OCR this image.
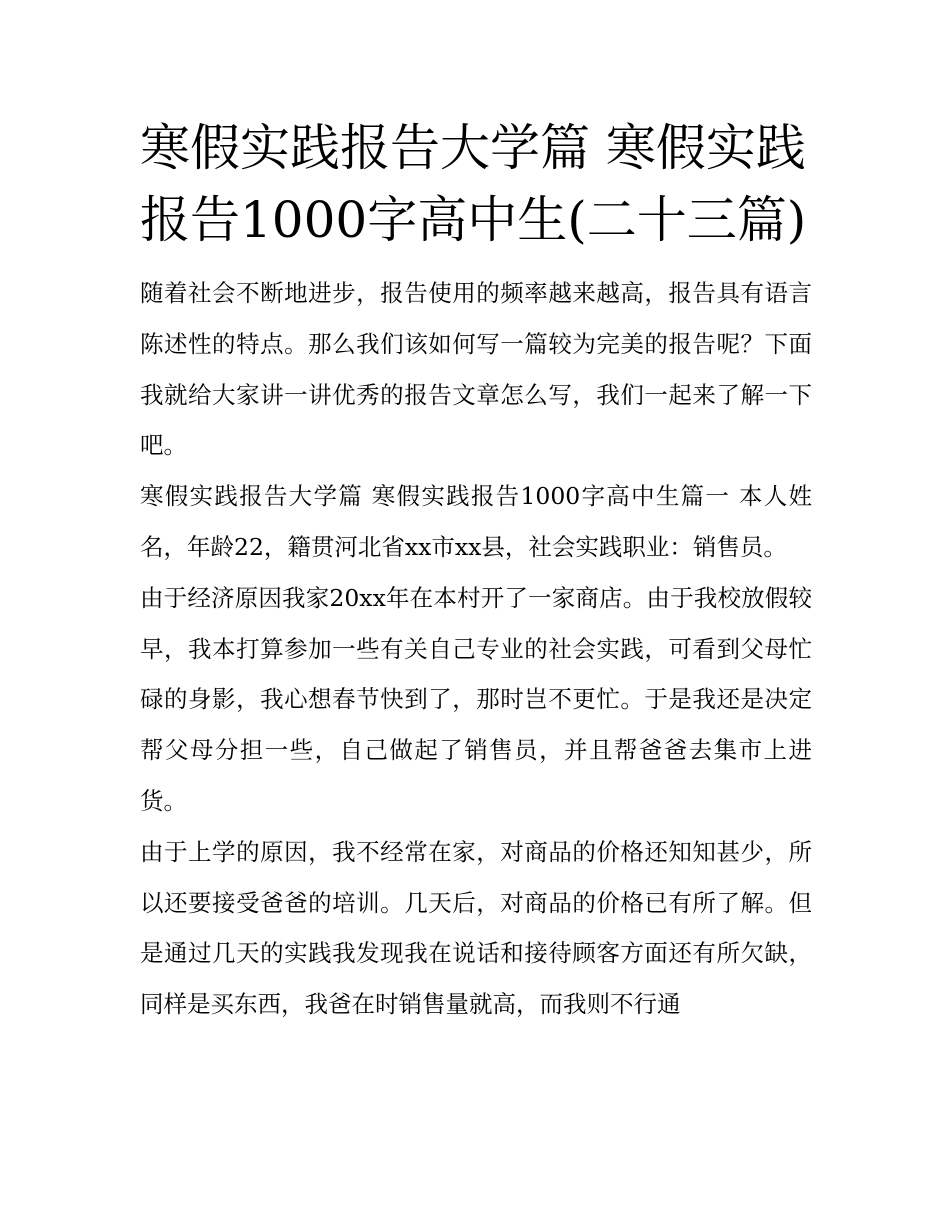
寒假实践报告大学篇 寒假实践报告1000字高中生(二十三篇)

随着社会不断地进步，报告使用的频率越来越高，报告具有语言陈述性的特点。那么我们该如何写一篇较为完美的报告呢？下面我就给大家讲一讲优秀的报告文章怎么写，我们一起来了解一下吧。

寒假实践报告大学篇 寒假实践报告1000字高中生篇一 本人姓名，年龄22，籍贯河北省xx市xx县，社会实践职业：销售员。

由于经济原因我家20xx年在本村开了一家商店。由于我校放假较早，我本打算参加一些有关自己专业的社会实践，可看到父母忙碌的身影，我心想春节快到了，那时岂不更忙。于是我还是决定帮父母分担一些，自己做起了销售员，并且帮爸爸去集市上进货。

由于上学的原因，我不经常在家，对商品的价格还知知甚少，所以还要接受爸爸的培训。几天后，对商品的价格已有所了解。但是通过几天的实践我发现我在说话和接待顾客方面还有所欠缺，同样是买东西，我爸在时销售量就高，而我则不行通
